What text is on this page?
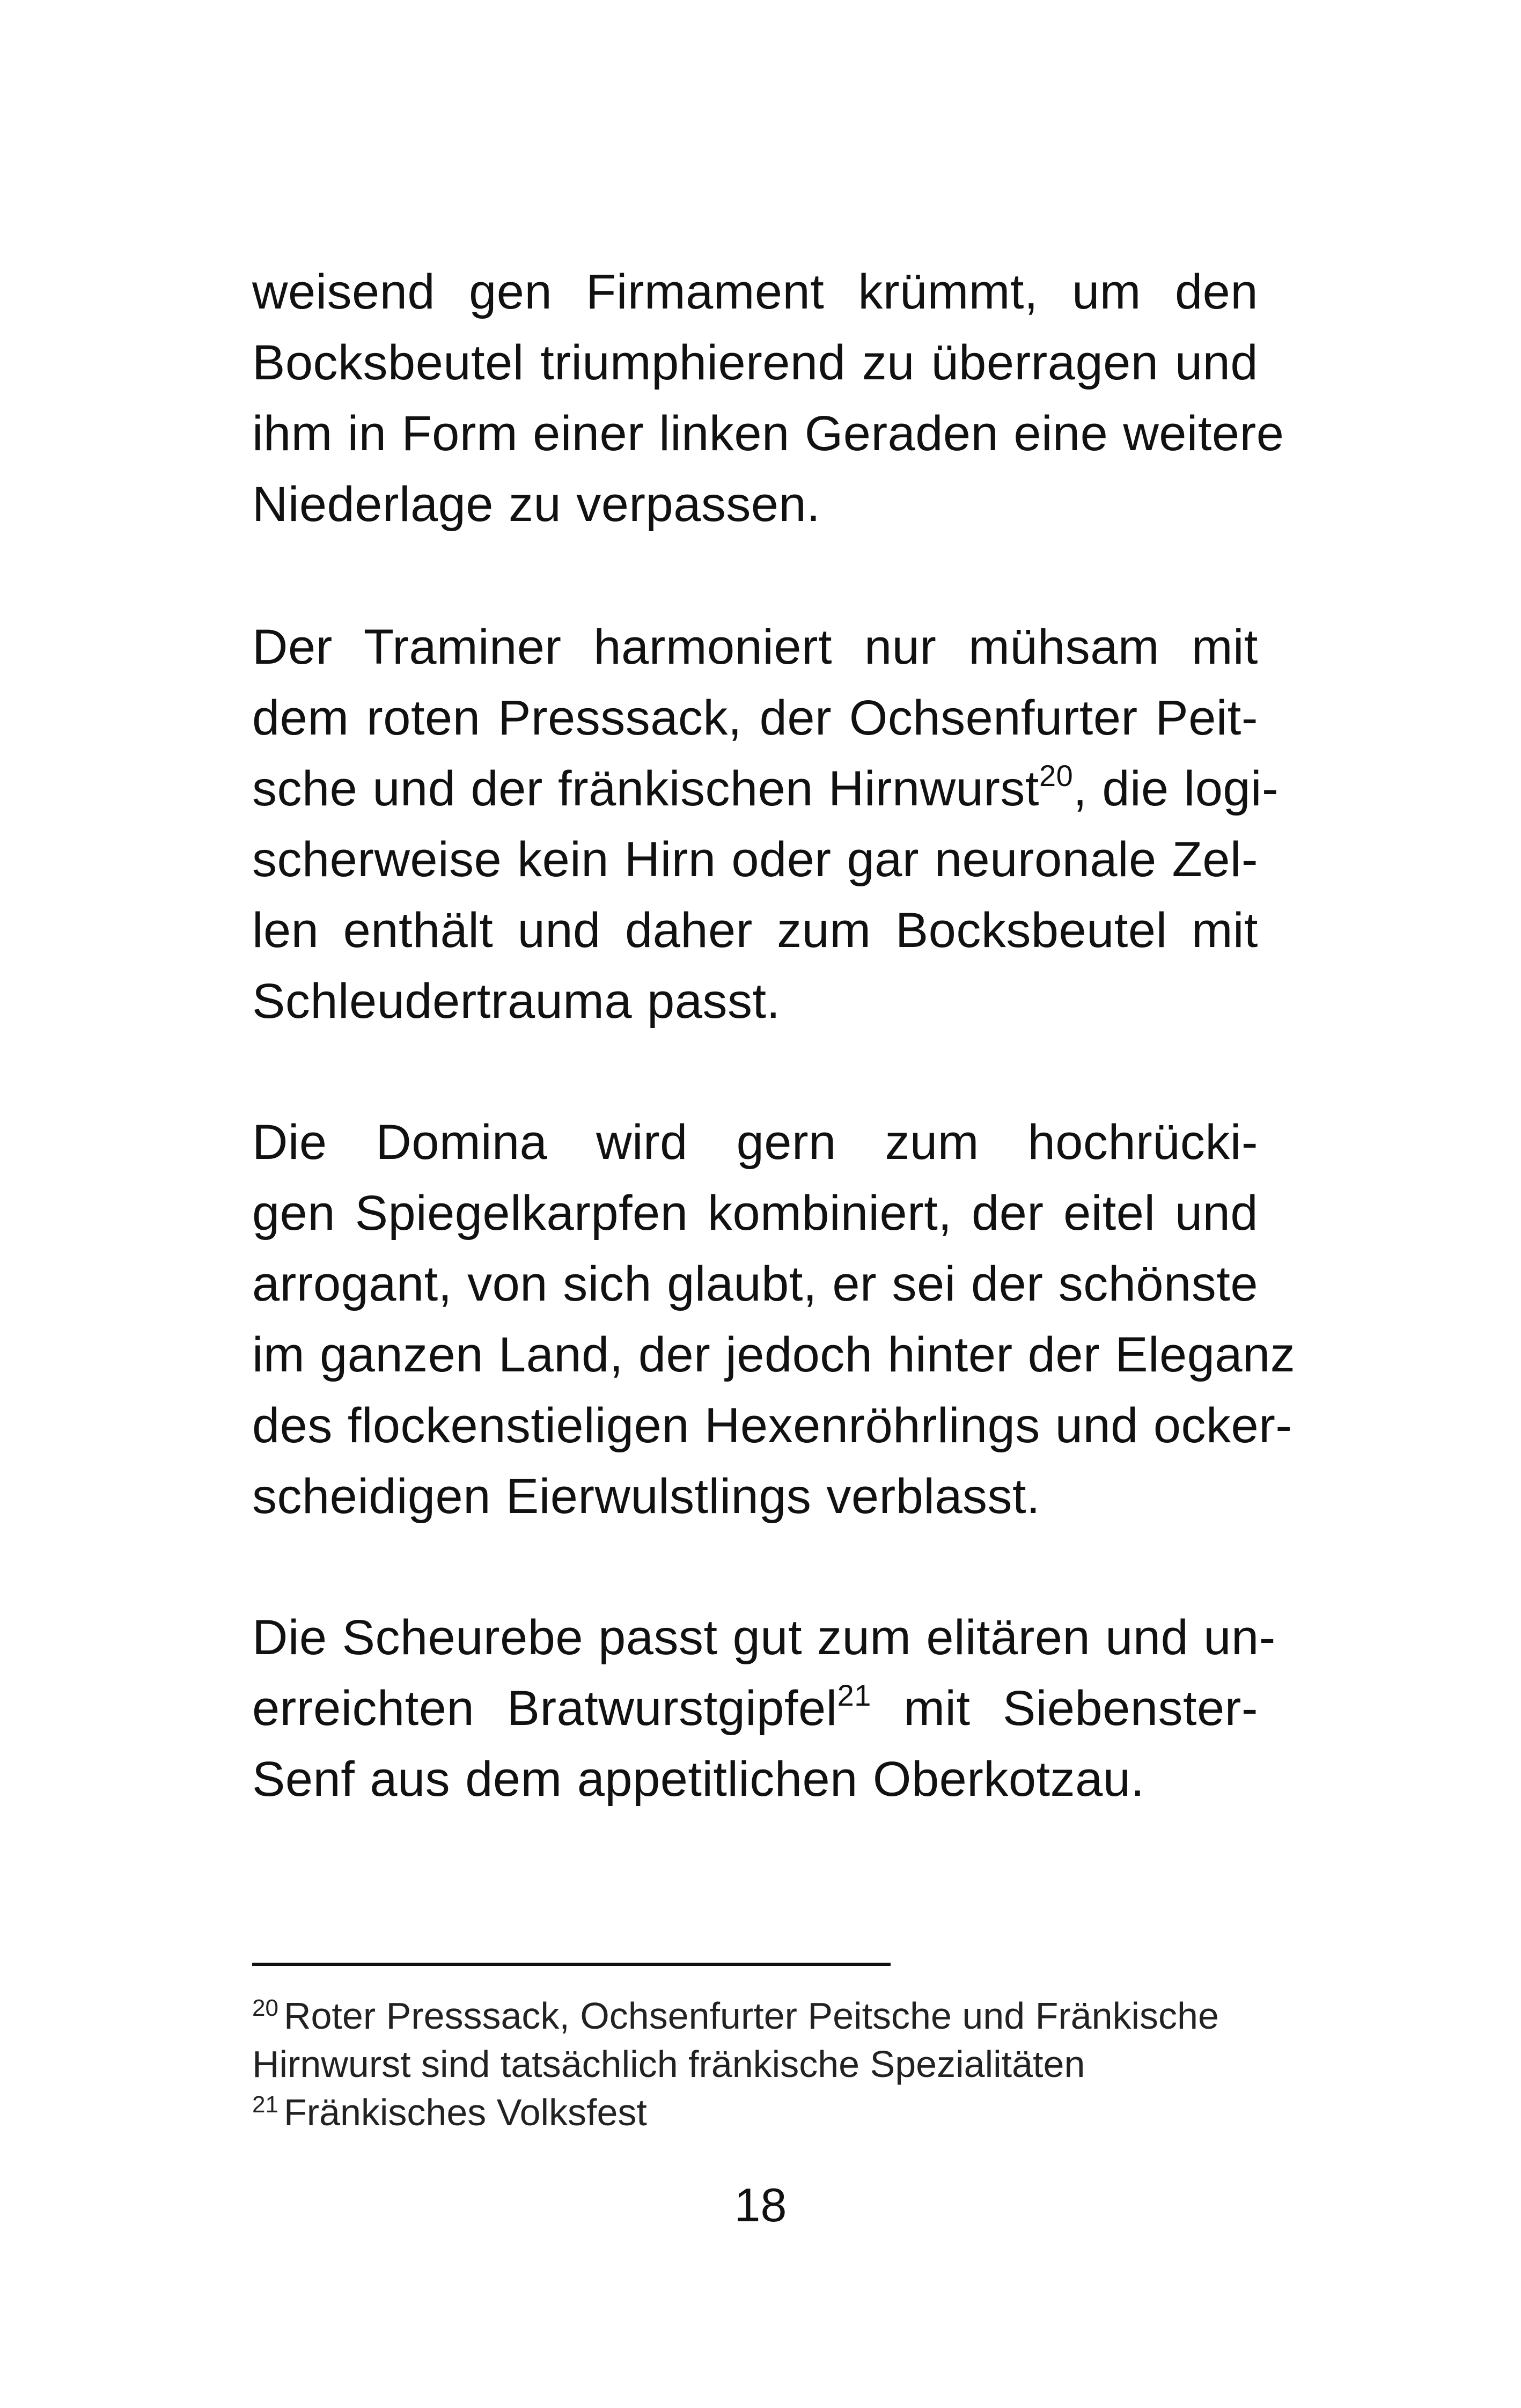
weisend gen Firmament krümmt, um den
Bocksbeutel triumphierend zu überragen und
ihm in Form einer linken Geraden eine weitere
Niederlage zu verpassen.
Der Traminer harmoniert nur mühsam mit
dem roten Presssack, der Ochsenfurter Peit-
sche und der fränkischen Hirnwurst$^{20}$, die logi-
scherweise kein Hirn oder gar neuronale Zel-
len enthält und daher zum Bocksbeutel mit
Schleudertrauma passt.
Die Domina wird gern zum hochrücki-
gen Spiegelkarpfen kombiniert, der eitel und
arrogant, von sich glaubt, er sei der schönste
im ganzen Land, der jedoch hinter der Eleganz
des flockenstieligen Hexenröhrlings und ocker-
scheidigen Eierwulstlings verblasst.
Die Scheurebe passt gut zum elitären und un-
erreichten Bratwurstgipfel$^{21}$ mit Siebenster-
Senf aus dem appetitlichen Oberkotzau.
$^{20}$ Roter Presssack, Ochsenfurter Peitsche und Fränkische
Hirnwurst sind tatsächlich fränkische Spezialitäten
$^{21}$ Fränkisches Volksfest
18
